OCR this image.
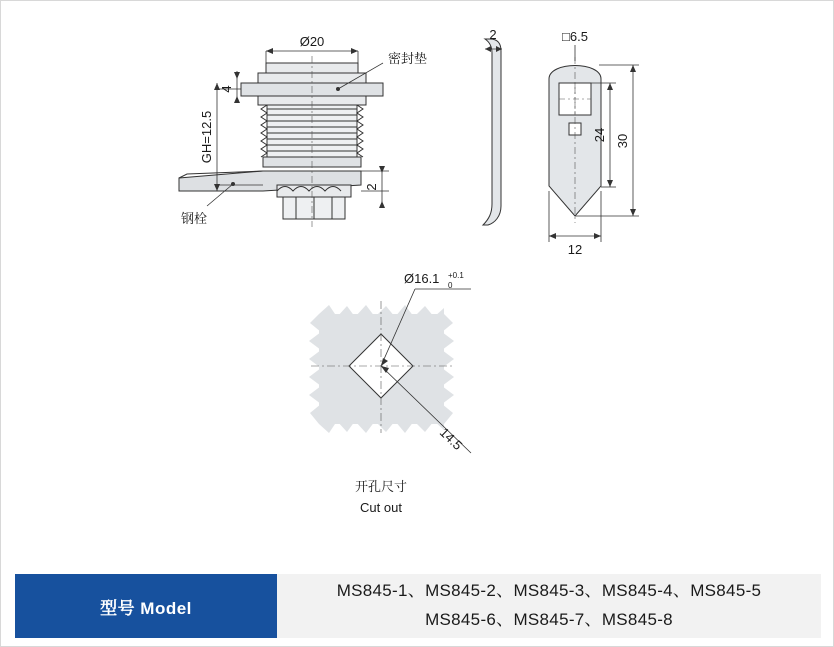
Ø20
GH=12.5
4
2
密封垫
钢栓
2	□6.5
24 30
12
Ø16.1 +0.1
0
14.5
开孔尺寸
Cut out
型号 Model
MS845-1、MS845-2、MS845-3、MS845-4、MS845-5
MS845-6、MS845-7、MS845-8
